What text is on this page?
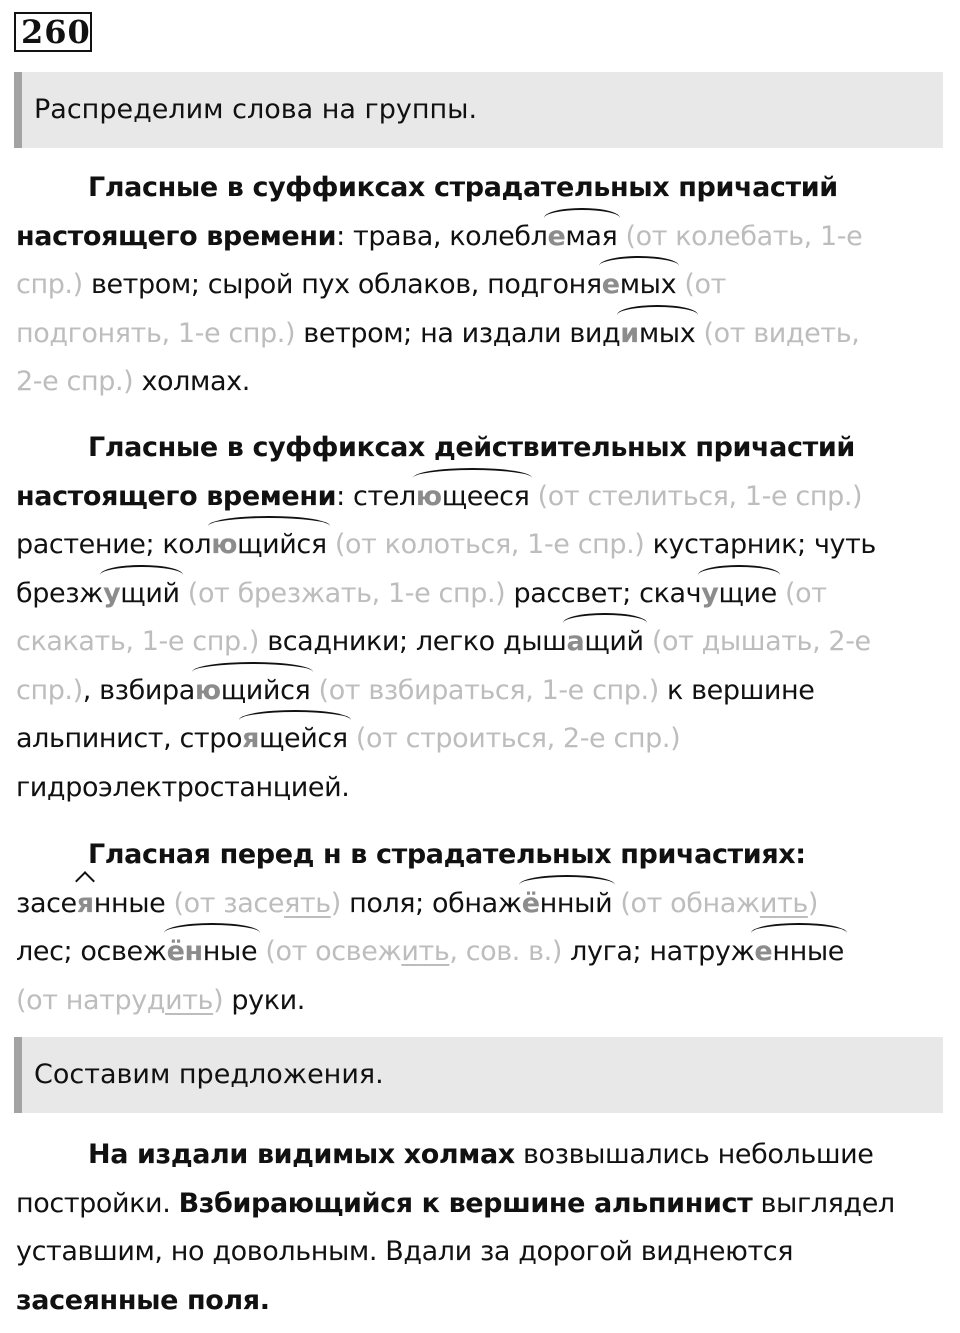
260
Распределим слова на группы.
Гласные в суффиксах страдательных причастий
настоящего времени: трава, колеблемая (от колебать, 1-е
спр.) ветром; сырой пух облаков, подгоняемых (от
подгонять, 1-е спр.) ветром; на издали видимых (от видеть,
2-е спр.) холмах.
Гласные в суффиксах действительных причастий
настоящего времени: стелющееся (от стелиться, 1-е спр.)
растение; колющийся (от колоться, 1-е спр.) кустарник; чуть
брезжущий (от брезжать, 1-е спр.) рассвет; скачущие (от
скакать, 1-е спр.) всадники; легко дышащий (от дышать, 2-е
спр.), взбирающийся (от взбираться, 1-е спр.) к вершине
альпинист, строящейся (от строиться, 2-е спр.)
гидроэлектростанцией.
Гласная перед н в страдательных причастиях:
засеянные (от засеять) поля; обнажённый (от обнажить)
лес; освежённые (от освежить, сов. в.) луга; натруженные
(от натрудить) руки.
Составим предложения.
На издали видимых холмах возвышались небольшие
постройки. Взбирающийся к вершине альпинист выглядел
уставшим, но довольным. Вдали за дорогой виднеются
засеянные поля.
